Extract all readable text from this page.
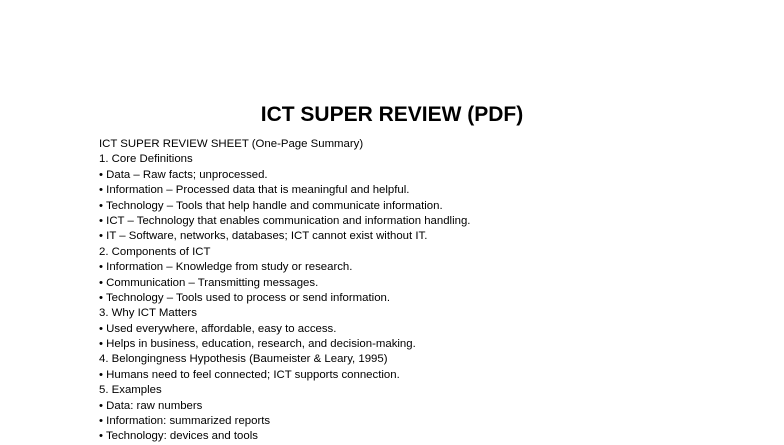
ICT SUPER REVIEW (PDF)
ICT SUPER REVIEW SHEET (One-Page Summary)
1. Core Definitions
• Data – Raw facts; unprocessed.
• Information – Processed data that is meaningful and helpful.
• Technology – Tools that help handle and communicate information.
• ICT – Technology that enables communication and information handling.
• IT – Software, networks, databases; ICT cannot exist without IT.
2. Components of ICT
• Information – Knowledge from study or research.
• Communication – Transmitting messages.
• Technology – Tools used to process or send information.
3. Why ICT Matters
• Used everywhere, affordable, easy to access.
• Helps in business, education, research, and decision-making.
4. Belongingness Hypothesis (Baumeister & Leary, 1995)
• Humans need to feel connected; ICT supports connection.
5. Examples
• Data: raw numbers
• Information: summarized reports
• Technology: devices and tools
